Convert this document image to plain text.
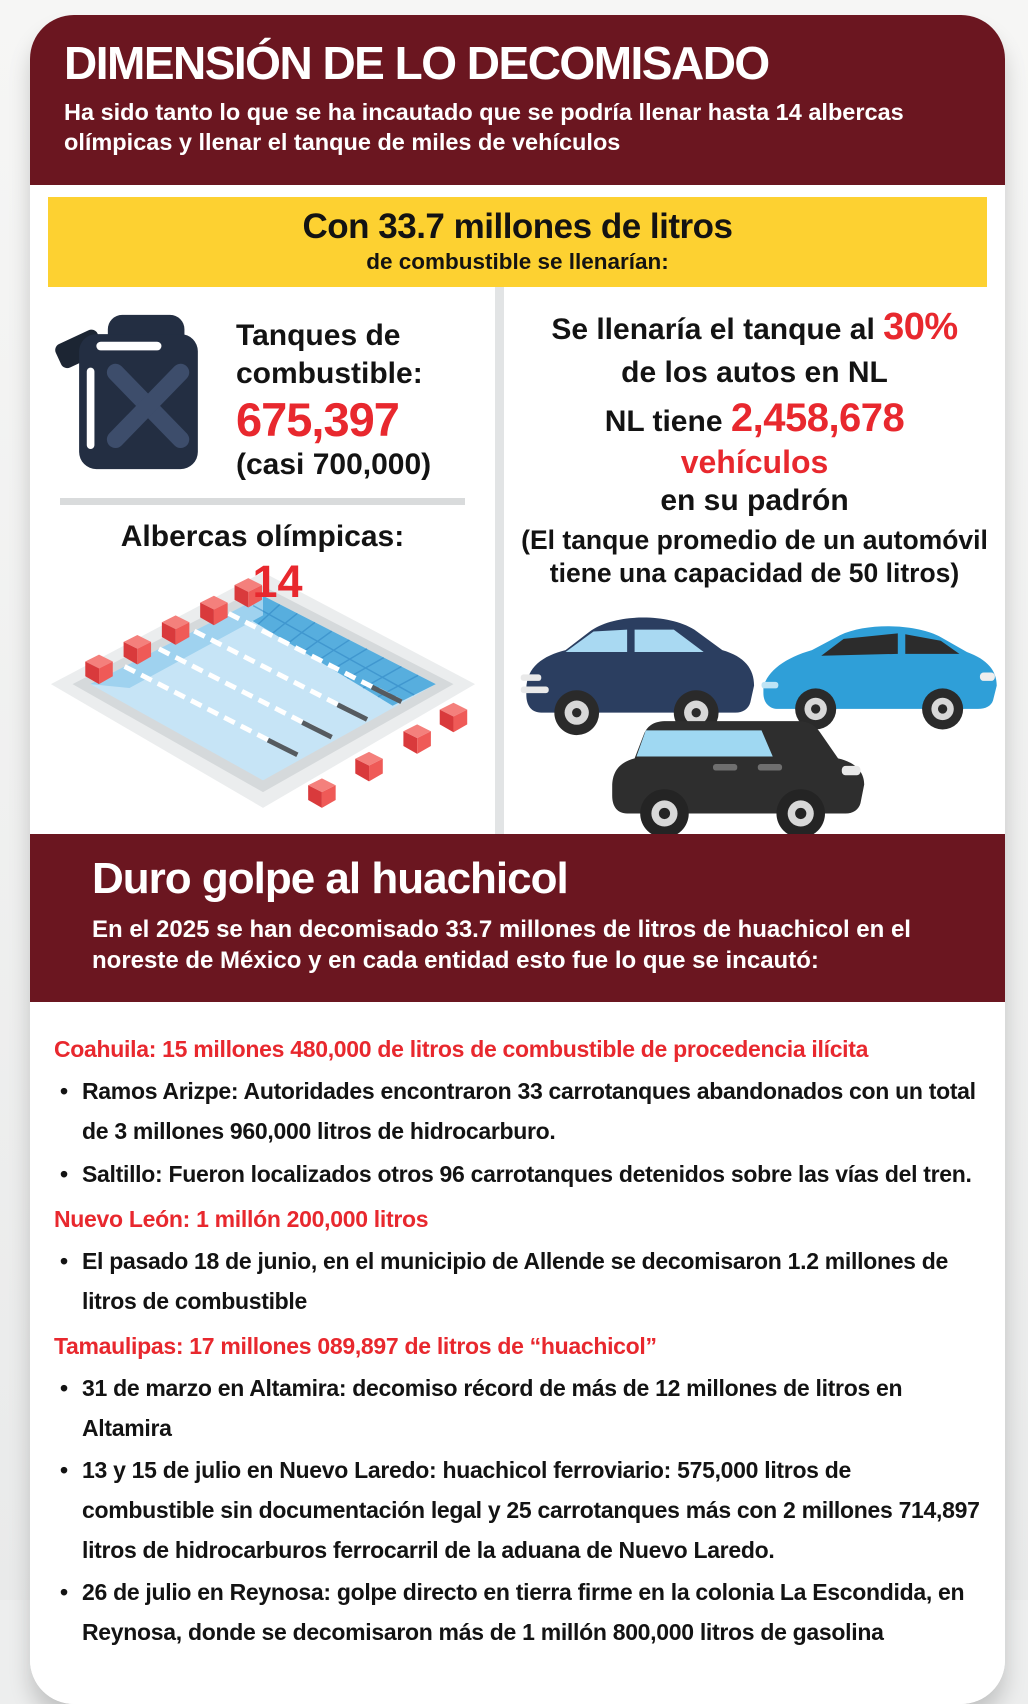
DIMENSIÓN DE LO DECOMISADO
Ha sido tanto lo que se ha incautado que se podría llenar hasta 14 albercas olímpicas y llenar el tanque de miles de vehículos
Con 33.7 millones de litros
de combustible se llenarían:
Tanques de combustible:
675,397
(casi 700,000)
Albercas olímpicas:
14
Se llenaría el tanque al 30%
de los autos en NL
NL tiene 2,458,678
vehículos
en su padrón
(El tanque promedio de un automóvil tiene una capacidad de 50 litros)
Duro golpe al huachicol
En el 2025 se han decomisado 33.7 millones de litros de huachicol en el noreste de México y en cada entidad esto fue lo que se incautó:
Coahuila: 15 millones 480,000 de litros de combustible de procedencia ilícita
• Ramos Arizpe: Autoridades encontraron 33 carrotanques abandonados con un total de 3 millones 960,000 litros de hidrocarburo.
• Saltillo: Fueron localizados otros 96 carrotanques detenidos sobre las vías del tren.
Nuevo León: 1 millón 200,000 litros
• El pasado 18 de junio, en el municipio de Allende se decomisaron 1.2 millones de litros de combustible
Tamaulipas: 17 millones 089,897 de litros de “huachicol”
• 31 de marzo en Altamira: decomiso récord de más de 12 millones de litros en Altamira
• 13 y 15 de julio en Nuevo Laredo: huachicol ferroviario: 575,000 litros de combustible sin documentación legal y 25 carrotanques más con 2 millones 714,897 litros de hidrocarburos ferrocarril de la aduana de Nuevo Laredo.
• 26 de julio en Reynosa: golpe directo en tierra firme en la colonia La Escondida, en Reynosa, donde se decomisaron más de 1 millón 800,000 litros de gasolina
